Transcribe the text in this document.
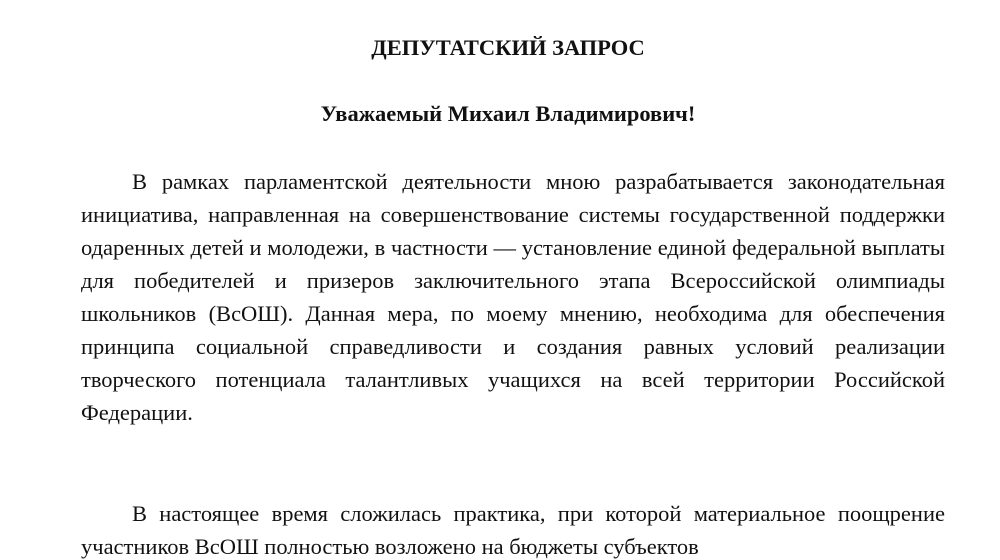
ДЕПУТАТСКИЙ ЗАПРОС
Уважаемый Михаил Владимирович!

В рамках парламентской деятельности мною разрабатывается законодательная инициатива, направленная на совершенствование системы государственной поддержки одаренных детей и молодежи, в частности — установление единой федеральной выплаты для победителей и призеров заключительного этапа Всероссийской олимпиады школьников (ВсОШ). Данная мера, по моему мнению, необходима для обеспечения принципа социальной справедливости и создания равных условий реализации творческого потенциала талантливых учащихся на всей территории Российской Федерации.

В настоящее время сложилась практика, при которой материальное поощрение участников ВсОШ полностью возложено на бюджеты субъектов
